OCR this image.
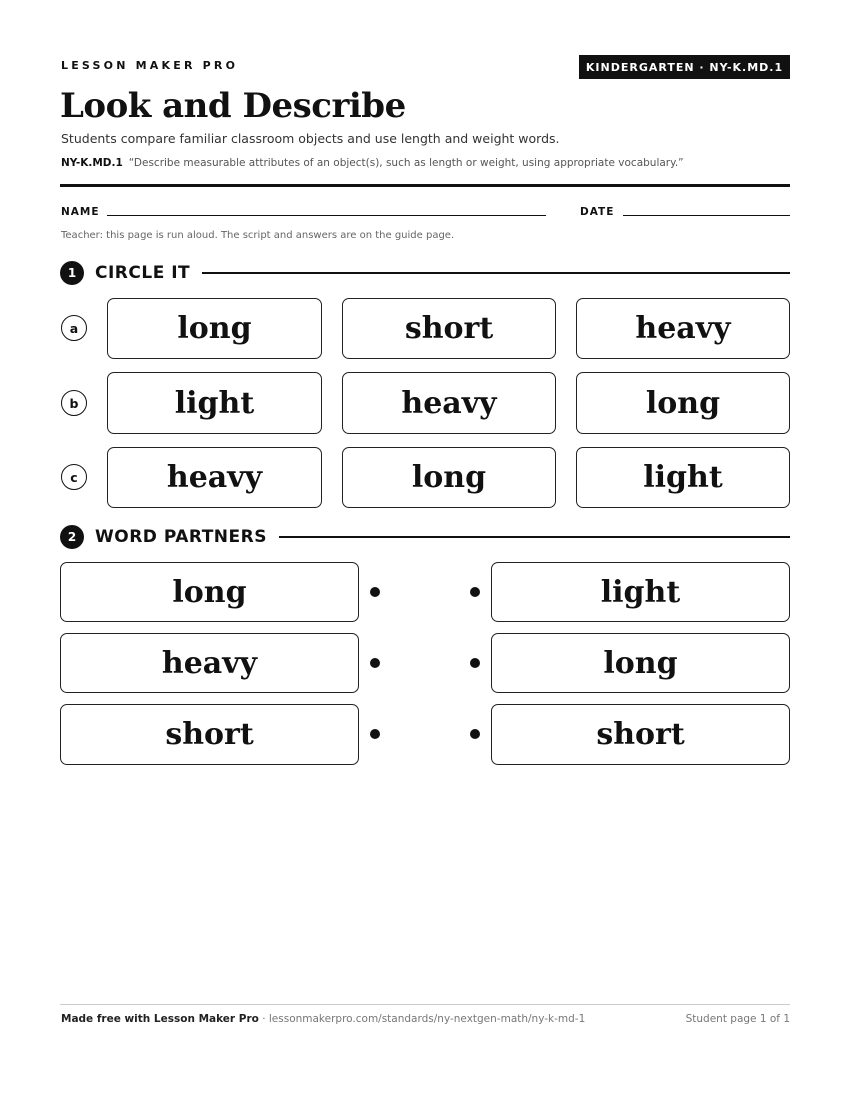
LESSON MAKER PRO	KINDERGARTEN · NY-K.MD.1
Look and Describe
Students compare familiar classroom objects and use length and weight words.
NY-K.MD.1 “Describe measurable attributes of an object(s), such as length or weight, using appropriate vocabulary.”
NAME	DATE
Teacher: this page is run aloud. The script and answers are on the guide page.
1	CIRCLE IT
a	long	short	heavy
b	light	heavy	long
c	heavy	long	light
2	WORD PARTNERS
long	light
heavy	long
short	short
Made free with Lesson Maker Pro · lessonmakerpro.com/standards/ny-nextgen-math/ny-k-md-1	Student page 1 of 1
